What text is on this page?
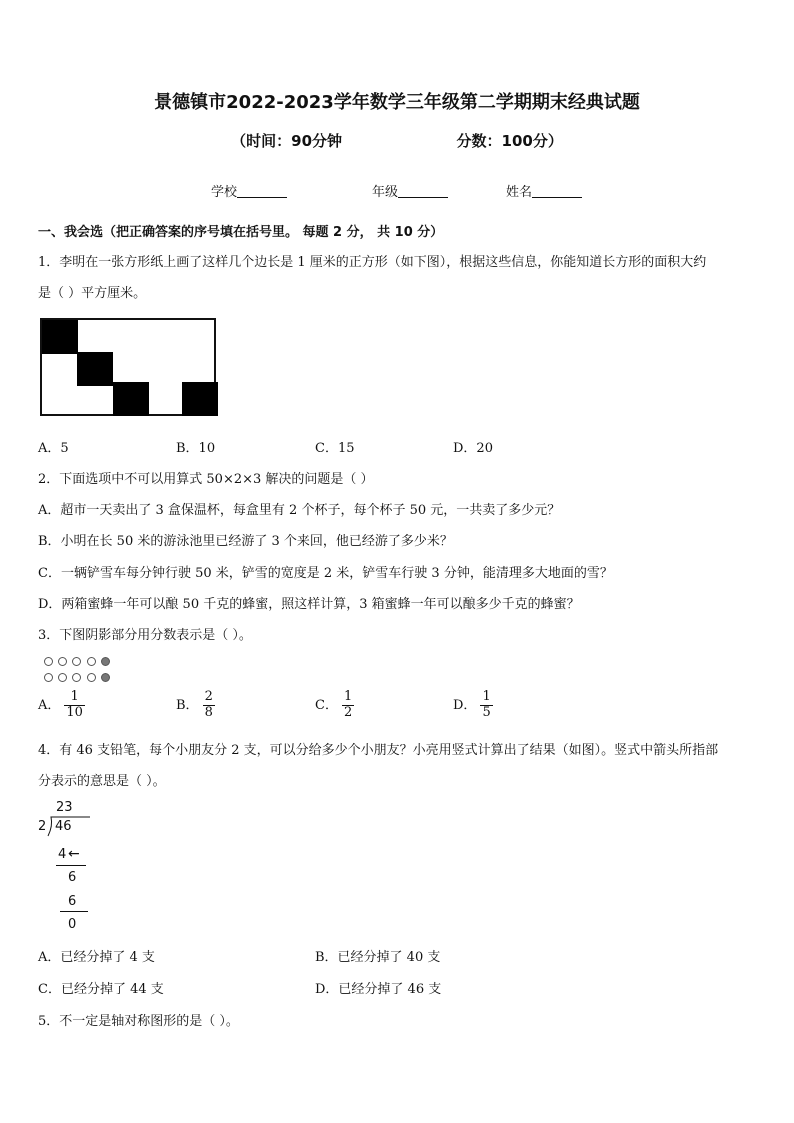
景德镇市2022-2023学年数学三年级第二学期期末经典试题
（时间：90分钟	分数：100分）
学校	年级	姓名
一、我会选（把正确答案的序号填在括号里。 每题 2 分， 共 10 分）
1．李明在一张方形纸上画了这样几个边长是 1 厘米的正方形（如下图），根据这些信息，你能知道长方形的面积大约
是（ ）平方厘米。
A．5	B．10	C．15	D．20
2．下面选项中不可以用算式 50×2×3 解决的问题是（ ）
A．超市一天卖出了 3 盒保温杯，每盒里有 2 个杯子，每个杯子 50 元，一共卖了多少元？
B．小明在长 50 米的游泳池里已经游了 3 个来回，他已经游了多少米？
C．一辆铲雪车每分钟行驶 50 米，铲雪的宽度是 2 米，铲雪车行驶 3 分钟，能清理多大地面的雪？
D．两箱蜜蜂一年可以酿 50 千克的蜂蜜，照这样计算，3 箱蜜蜂一年可以酿多少千克的蜂蜜？
3．下图阴影部分用分数表示是（ ）。
A． $\frac{1}{10}$	B． $\frac{2}{8}$	C． $\frac{1}{2}$	D． $\frac{1}{5}$
4．有 46 支铅笔，每个小朋友分 2 支，可以分给多少个小朋友？小亮用竖式计算出了结果（如图）。竖式中箭头所指部
分表示的意思是（ ）。
23
2 46
4 ←
6
6
0
A．已经分掉了 4 支	B．已经分掉了 40 支
C．已经分掉了 44 支	D．已经分掉了 46 支
5．不一定是轴对称图形的是（ ）。
